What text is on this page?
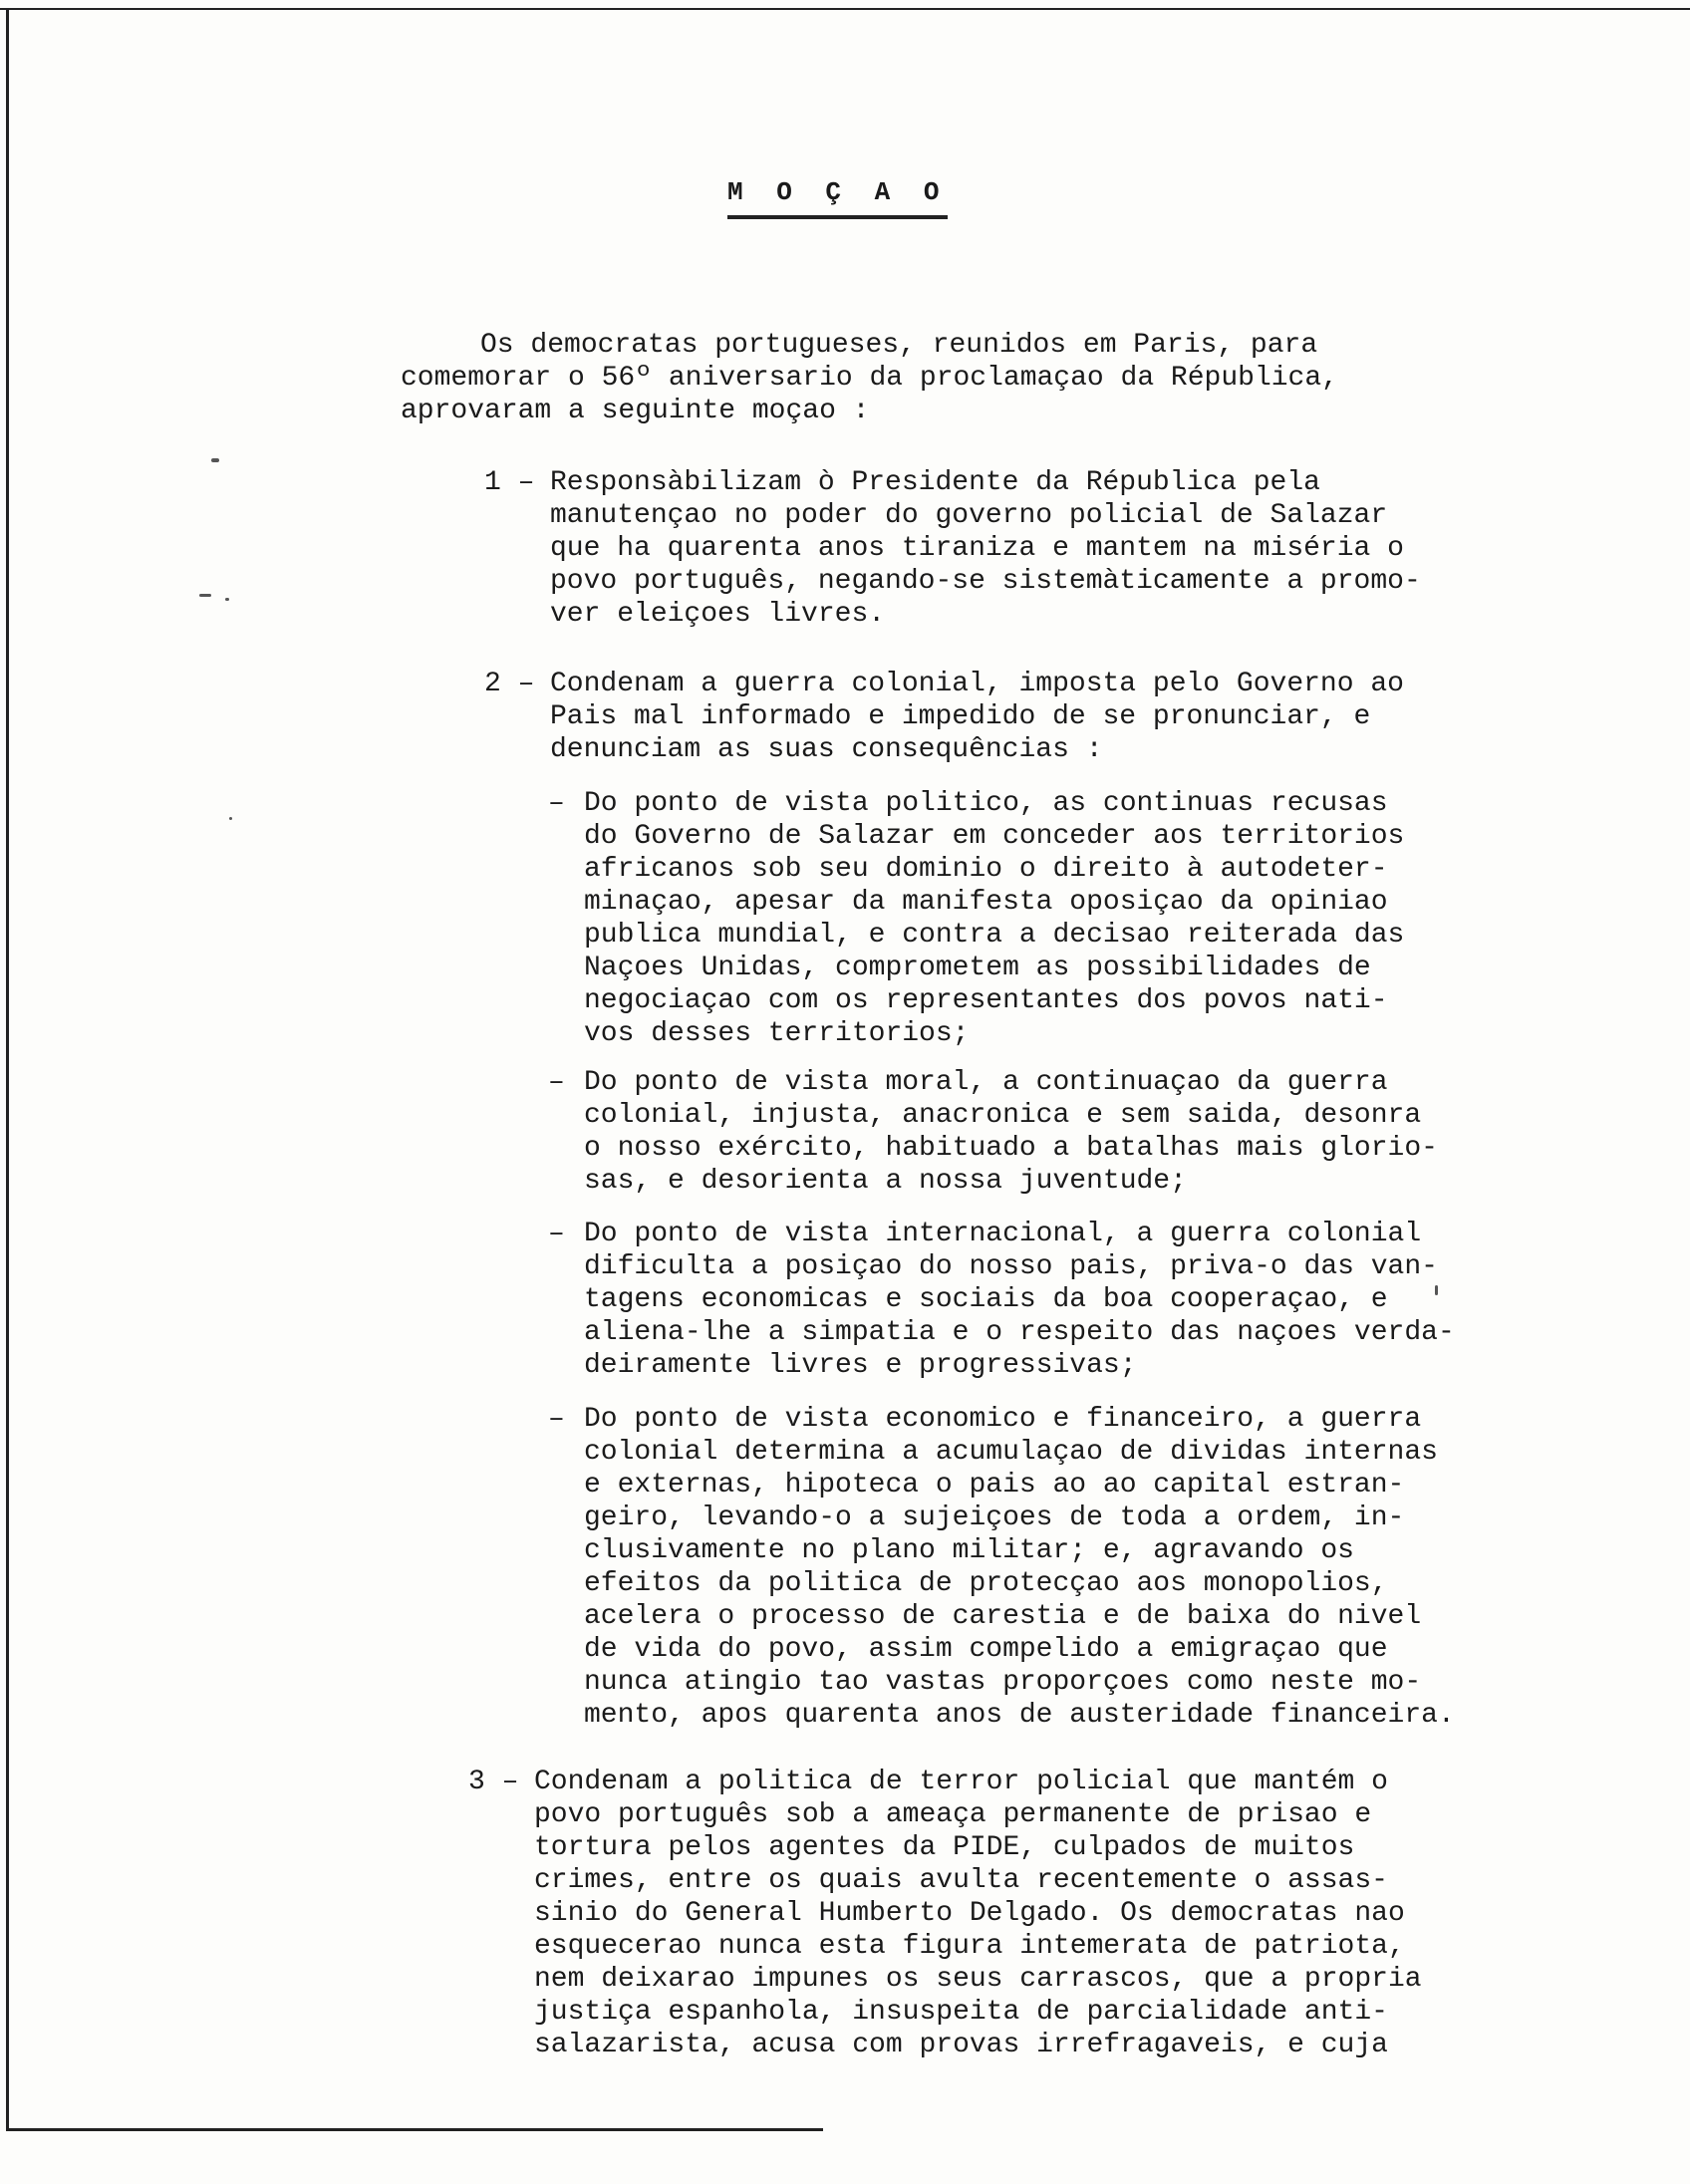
M O Ç A O

Os democratas portugueses, reunidos em Paris, para

comemorar o 56º aniversario da proclamaçao da Républica,

aprovaram a seguinte moçao :

1 – Responsàbilizam ò Presidente da Républica pela

manutençao no poder do governo policial de Salazar

que ha quarenta anos tiraniza e mantem na miséria o

povo português, negando-se sistemàticamente a promo-

ver eleiçoes livres.

2 – Condenam a guerra colonial, imposta pelo Governo ao

Pais mal informado e impedido de se pronunciar, e

denunciam as suas consequências :

– Do ponto de vista politico, as continuas recusas

do Governo de Salazar em conceder aos territorios

africanos sob seu dominio o direito à autodeter-

minaçao, apesar da manifesta oposiçao da opiniao

publica mundial, e contra a decisao reiterada das

Naçoes Unidas, comprometem as possibilidades de

negociaçao com os representantes dos povos nati-

vos desses territorios;

– Do ponto de vista moral, a continuaçao da guerra

colonial, injusta, anacronica e sem saida, desonra

o nosso exército, habituado a batalhas mais glorio-

sas, e desorienta a nossa juventude;

– Do ponto de vista internacional, a guerra colonial

dificulta a posiçao do nosso pais, priva-o das van-

tagens economicas e sociais da boa cooperaçao, e

aliena-lhe a simpatia e o respeito das naçoes verda-

deiramente livres e progressivas;

– Do ponto de vista economico e financeiro, a guerra

colonial determina a acumulaçao de dividas internas

e externas, hipoteca o pais ao ao capital estran-

geiro, levando-o a sujeiçoes de toda a ordem, in-

clusivamente no plano militar; e, agravando os

efeitos da politica de protecçao aos monopolios,

acelera o processo de carestia e de baixa do nivel

de vida do povo, assim compelido a emigraçao que

nunca atingio tao vastas proporçoes como neste mo-

mento, apos quarenta anos de austeridade financeira.

3 – Condenam a politica de terror policial que mantém o

povo português sob a ameaça permanente de prisao e

tortura pelos agentes da PIDE, culpados de muitos

crimes, entre os quais avulta recentemente o assas-

sinio do General Humberto Delgado. Os democratas nao

esquecerao nunca esta figura intemerata de patriota,

nem deixarao impunes os seus carrascos, que a propria

justiça espanhola, insuspeita de parcialidade anti-

salazarista, acusa com provas irrefragaveis, e cuja
